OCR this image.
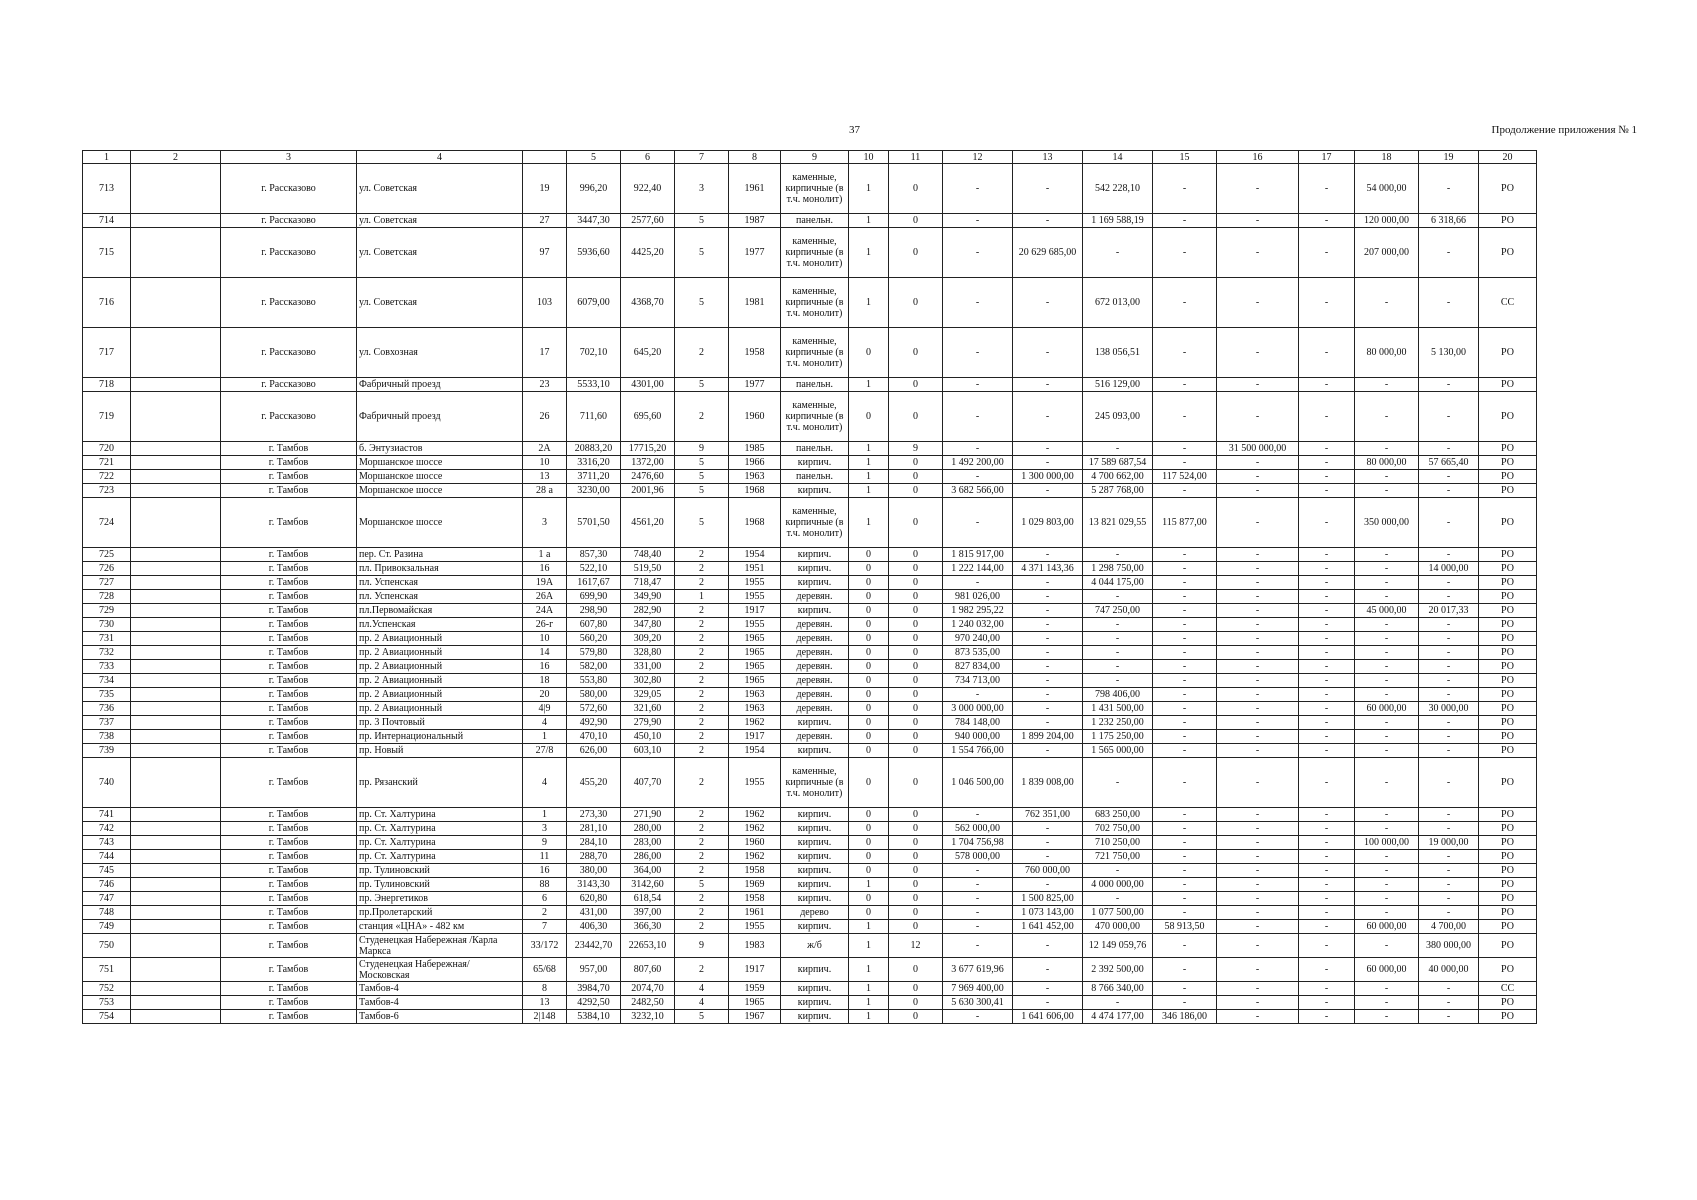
37	Продолжение приложения № 1
1	2	3	4		5	6	7	8	9	10	11	12	13	14	15	16	17	18	19	20
713		г. Рассказово	ул. Советская	19	996,20	922,40	3	1961	каменные, кирпичные (в т.ч. монолит)	1	0	-	-	542 228,10	-	-	-	54 000,00	-	РО
714		г. Рассказово	ул. Советская	27	3447,30	2577,60	5	1987	панельн.	1	0	-	-	1 169 588,19	-	-	-	120 000,00	6 318,66	РО
715		г. Рассказово	ул. Советская	97	5936,60	4425,20	5	1977	каменные, кирпичные (в т.ч. монолит)	1	0	-	20 629 685,00	-	-	-	-	207 000,00	-	РО
716		г. Рассказово	ул. Советская	103	6079,00	4368,70	5	1981	каменные, кирпичные (в т.ч. монолит)	1	0	-	-	672 013,00	-	-	-	-	-	СС
717		г. Рассказово	ул. Совхозная	17	702,10	645,20	2	1958	каменные, кирпичные (в т.ч. монолит)	0	0	-	-	138 056,51	-	-	-	80 000,00	5 130,00	РО
718		г. Рассказово	Фабричный проезд	23	5533,10	4301,00	5	1977	панельн.	1	0	-	-	516 129,00	-	-	-	-	-	РО
719		г. Рассказово	Фабричный проезд	26	711,60	695,60	2	1960	каменные, кирпичные (в т.ч. монолит)	0	0	-	-	245 093,00	-	-	-	-	-	РО
720		г. Тамбов	б. Энтузиастов	2А	20883,20	17715,20	9	1985	панельн.	1	9	-	-	-	-	31 500 000,00	-	-	-	РО
721		г. Тамбов	Моршанское шоссе	10	3316,20	1372,00	5	1966	кирпич.	1	0	1 492 200,00	-	17 589 687,54	-	-	-	80 000,00	57 665,40	РО
722		г. Тамбов	Моршанское шоссе	13	3711,20	2476,60	5	1963	панельн.	1	0	-	1 300 000,00	4 700 662,00	117 524,00	-	-	-	-	РО
723		г. Тамбов	Моршанское шоссе	28 а	3230,00	2001,96	5	1968	кирпич.	1	0	3 682 566,00	-	5 287 768,00	-	-	-	-	-	РО
724		г. Тамбов	Моршанское шоссе	3	5701,50	4561,20	5	1968	каменные, кирпичные (в т.ч. монолит)	1	0	-	1 029 803,00	13 821 029,55	115 877,00	-	-	350 000,00	-	РО
725		г. Тамбов	пер. Ст. Разина	1 а	857,30	748,40	2	1954	кирпич.	0	0	1 815 917,00	-	-	-	-	-	-	-	РО
726		г. Тамбов	пл. Привокзальная	16	522,10	519,50	2	1951	кирпич.	0	0	1 222 144,00	4 371 143,36	1 298 750,00	-	-	-	-	14 000,00	РО
727		г. Тамбов	пл. Успенская	19А	1617,67	718,47	2	1955	кирпич.	0	0	-	-	4 044 175,00	-	-	-	-	-	РО
728		г. Тамбов	пл. Успенская	26А	699,90	349,90	1	1955	деревян.	0	0	981 026,00	-	-	-	-	-	-	-	РО
729		г. Тамбов	пл.Первомайская	24А	298,90	282,90	2	1917	кирпич.	0	0	1 982 295,22	-	747 250,00	-	-	-	45 000,00	20 017,33	РО
730		г. Тамбов	пл.Успенская	26-г	607,80	347,80	2	1955	деревян.	0	0	1 240 032,00	-	-	-	-	-	-	-	РО
731		г. Тамбов	пр. 2 Авиационный	10	560,20	309,20	2	1965	деревян.	0	0	970 240,00	-	-	-	-	-	-	-	РО
732		г. Тамбов	пр. 2 Авиационный	14	579,80	328,80	2	1965	деревян.	0	0	873 535,00	-	-	-	-	-	-	-	РО
733		г. Тамбов	пр. 2 Авиационный	16	582,00	331,00	2	1965	деревян.	0	0	827 834,00	-	-	-	-	-	-	-	РО
734		г. Тамбов	пр. 2 Авиационный	18	553,80	302,80	2	1965	деревян.	0	0	734 713,00	-	-	-	-	-	-	-	РО
735		г. Тамбов	пр. 2 Авиационный	20	580,00	329,05	2	1963	деревян.	0	0	-	-	798 406,00	-	-	-	-	-	РО
736		г. Тамбов	пр. 2 Авиационный	4|9	572,60	321,60	2	1963	деревян.	0	0	3 000 000,00	-	1 431 500,00	-	-	-	60 000,00	30 000,00	РО
737		г. Тамбов	пр. 3 Почтовый	4	492,90	279,90	2	1962	кирпич.	0	0	784 148,00	-	1 232 250,00	-	-	-	-	-	РО
738		г. Тамбов	пр. Интернациональный	1	470,10	450,10	2	1917	деревян.	0	0	940 000,00	1 899 204,00	1 175 250,00	-	-	-	-	-	РО
739		г. Тамбов	пр. Новый	27/8	626,00	603,10	2	1954	кирпич.	0	0	1 554 766,00	-	1 565 000,00	-	-	-	-	-	РО
740		г. Тамбов	пр. Рязанский	4	455,20	407,70	2	1955	каменные, кирпичные (в т.ч. монолит)	0	0	1 046 500,00	1 839 008,00	-	-	-	-	-	-	РО
741		г. Тамбов	пр. Ст. Халтурина	1	273,30	271,90	2	1962	кирпич.	0	0	-	762 351,00	683 250,00	-	-	-	-	-	РО
742		г. Тамбов	пр. Ст. Халтурина	3	281,10	280,00	2	1962	кирпич.	0	0	562 000,00	-	702 750,00	-	-	-	-	-	РО
743		г. Тамбов	пр. Ст. Халтурина	9	284,10	283,00	2	1960	кирпич.	0	0	1 704 756,98	-	710 250,00	-	-	-	100 000,00	19 000,00	РО
744		г. Тамбов	пр. Ст. Халтурина	11	288,70	286,00	2	1962	кирпич.	0	0	578 000,00	-	721 750,00	-	-	-	-	-	РО
745		г. Тамбов	пр. Тулиновский	16	380,00	364,00	2	1958	кирпич.	0	0	-	760 000,00	-	-	-	-	-	-	РО
746		г. Тамбов	пр. Тулиновский	88	3143,30	3142,60	5	1969	кирпич.	1	0	-	-	4 000 000,00	-	-	-	-	-	РО
747		г. Тамбов	пр. Энергетиков	6	620,80	618,54	2	1958	кирпич.	0	0	-	1 500 825,00	-	-	-	-	-	-	РО
748		г. Тамбов	пр.Пролетарский	2	431,00	397,00	2	1961	дерево	0	0	-	1 073 143,00	1 077 500,00	-	-	-	-	-	РО
749		г. Тамбов	станция «ЦНА» - 482 км	7	406,30	366,30	2	1955	кирпич.	1	0	-	1 641 452,00	470 000,00	58 913,50	-	-	60 000,00	4 700,00	РО
750		г. Тамбов	Студенецкая Набережная /Карла Маркса	33/172	23442,70	22653,10	9	1983	ж/б	1	12	-	-	12 149 059,76	-	-	-	-	380 000,00	РО
751		г. Тамбов	Студенецкая Набережная/Московская	65/68	957,00	807,60	2	1917	кирпич.	1	0	3 677 619,96	-	2 392 500,00	-	-	-	60 000,00	40 000,00	РО
752		г. Тамбов	Тамбов-4	8	3984,70	2074,70	4	1959	кирпич.	1	0	7 969 400,00	-	8 766 340,00	-	-	-	-	-	СС
753		г. Тамбов	Тамбов-4	13	4292,50	2482,50	4	1965	кирпич.	1	0	5 630 300,41	-	-	-	-	-	-	-	РО
754		г. Тамбов	Тамбов-6	2|148	5384,10	3232,10	5	1967	кирпич.	1	0	-	1 641 606,00	4 474 177,00	346 186,00	-	-	-	-	РО
